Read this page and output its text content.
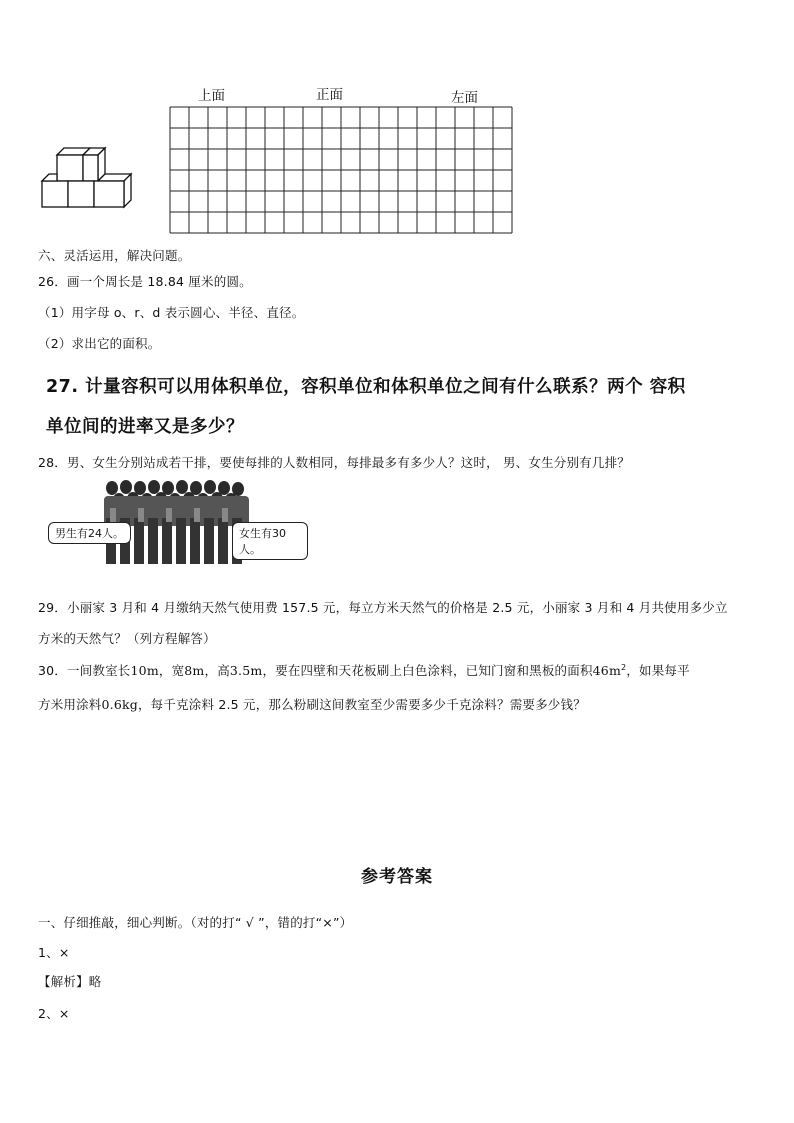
上面	正面	左面
六、灵活运用，解决问题。
26．画一个周长是 18.84 厘米的圆。
（1）用字母 o、r、d 表示圆心、半径、直径。
（2）求出它的面积。
27. 计量容积可以用体积单位，容积单位和体积单位之间有什么联系？两个 容积
单位间的进率又是多少？
28．男、女生分别站成若干排，要使每排的人数相同，每排最多有多少人？这时， 男、女生分别有几排？
男生有24人。	女生有30人。
29．小丽家 3 月和 4 月缴纳天然气使用费 157.5 元，每立方米天然气的价格是 2.5 元，小丽家 3 月和 4 月共使用多少立
方米的天然气？（列方程解答）
30．一间教室长10m，宽8m，高3.5m，要在四壁和天花板刷上白色涂料，已知门窗和黑板的面积$46m^2$，如果每平
方米用涂料0.6kg，每千克涂料 2.5 元，那么粉刷这间教室至少需要多少千克涂料？需要多少钱？
参考答案
一、仔细推敲，细心判断。（对的打“ √ ”，错的打“×”）
1、×
【解析】略
2、×
